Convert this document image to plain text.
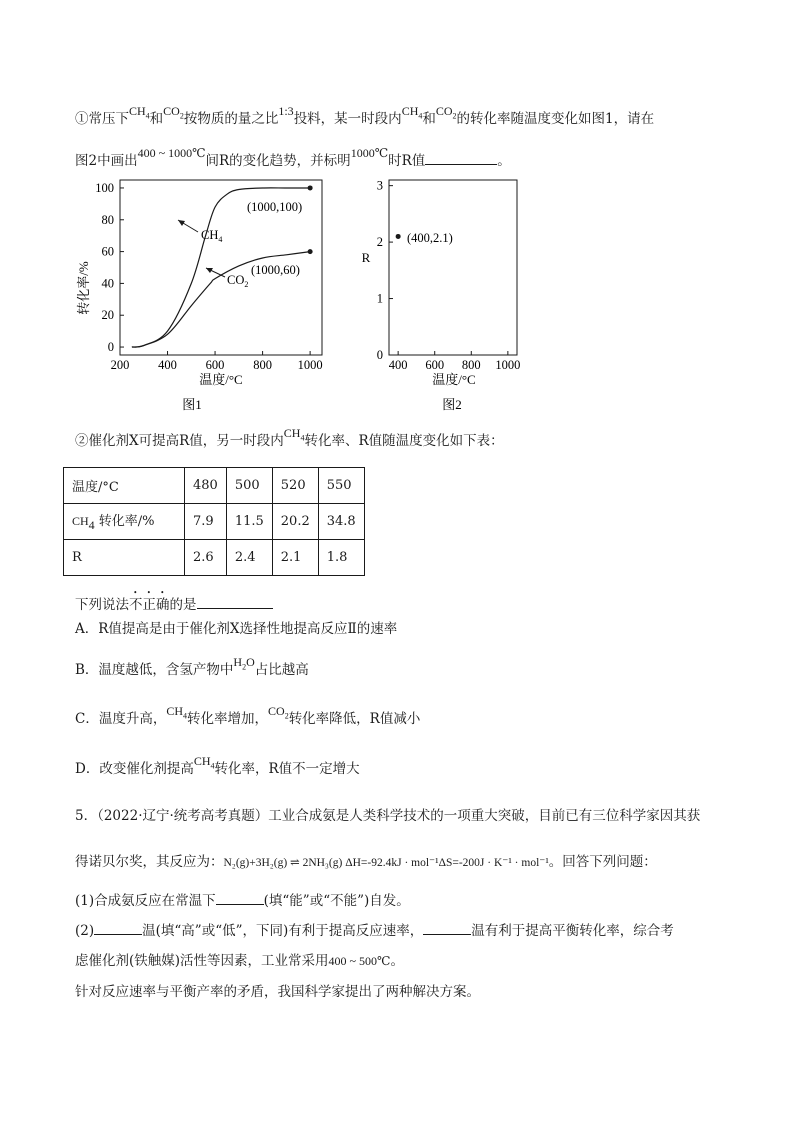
①常压下$CH_4$和$CO_2$按物质的量之比1:3投料，某一时段内$CH_4$和$CO_2$的转化率随温度变化如图1，请在
图2中画出400 ~ 1000℃间R的变化趋势，并标明1000℃时R值	。
200 400 600 800 1000
0
20
40
60
80
100
转化率/%
温度/°C
图1
(1000,100)
(1000,60)
$CH_4$
$CO_2$
400 600 800 1000
0
1
2
3
R
温度/°C
图2
(400,2.1)
②催化剂X可提高R值，另一时段内$CH_4$转化率、R值随温度变化如下表：
温度/°C	480	500	520	550
$CH_4$ 转化率/%	7.9	11.5	20.2	34.8
R	2.6	2.4	2.1	1.8
下列说法不正确的是
A．R值提高是由于催化剂X选择性地提高反应Ⅱ的速率
B．温度越低，含氢产物中$H_2O$占比越高
C．温度升高，$CH_4$转化率增加，$CO_2$转化率降低，R值减小
D．改变催化剂提高$CH_4$转化率，R值不一定增大
5．（2022·辽宁·统考高考真题）工业合成氨是人类科学技术的一项重大突破，目前已有三位科学家因其获
得诺贝尔奖，其反应为：N₂(g)+3H₂(g) ⇌ 2NH₃(g) ΔH=-92.4kJ · mol⁻¹ΔS=-200J · K⁻¹ · mol⁻¹。回答下列问题：
(1)合成氨反应在常温下	(填“能”或“不能”)自发。
(2)	温(填“高”或“低”，下同)有利于提高反应速率，	温有利于提高平衡转化率，综合考
虑催化剂(铁触媒)活性等因素，工业常采用400 ~ 500℃。
针对反应速率与平衡产率的矛盾，我国科学家提出了两种解决方案。
